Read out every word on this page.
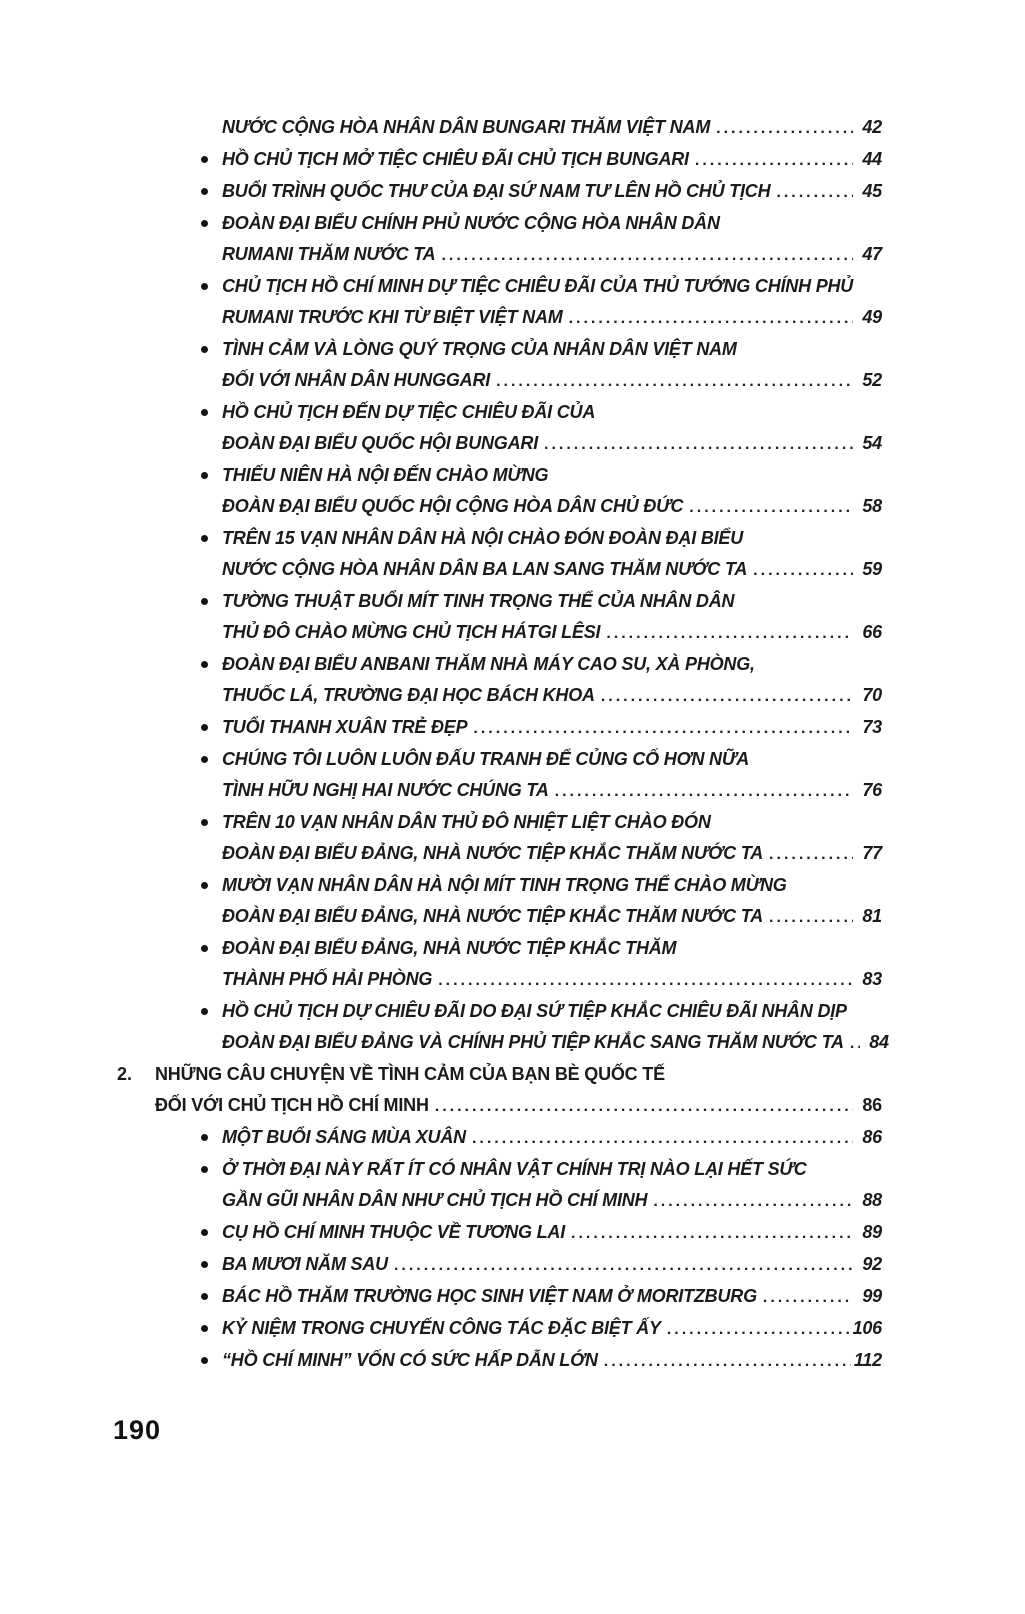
NƯỚC CỘNG HÒA NHÂN DÂN BUNGARI THĂM VIỆT NAM .....	42
HỒ CHỦ TỊCH MỞ TIỆC CHIÊU ĐÃI CHỦ TỊCH BUNGARI .....	44
BUỔI TRÌNH QUỐC THƯ CỦA ĐẠI SỨ NAM TƯ LÊN HỒ CHỦ TỊCH .....	45
ĐOÀN ĐẠI BIỂU CHÍNH PHỦ NƯỚC CỘNG HÒA NHÂN DÂN
RUMANI THĂM NƯỚC TA .....	47
CHỦ TỊCH HỒ CHÍ MINH DỰ TIỆC CHIÊU ĐÃI CỦA THỦ TƯỚNG CHÍNH PHỦ
RUMANI TRƯỚC KHI TỪ BIỆT VIỆT NAM .....	49
TÌNH CẢM VÀ LÒNG QUÝ TRỌNG CỦA NHÂN DÂN VIỆT NAM
ĐỐI VỚI NHÂN DÂN HUNGGARI .....	52
HỒ CHỦ TỊCH ĐẾN DỰ TIỆC CHIÊU ĐÃI CỦA
ĐOÀN ĐẠI BIỂU QUỐC HỘI BUNGARI .....	54
THIẾU NIÊN HÀ NỘI ĐẾN CHÀO MỪNG
ĐOÀN ĐẠI BIỂU QUỐC HỘI CỘNG HÒA DÂN CHỦ ĐỨC .....	58
TRÊN 15 VẠN NHÂN DÂN HÀ NỘI CHÀO ĐÓN ĐOÀN ĐẠI BIỂU
NƯỚC CỘNG HÒA NHÂN DÂN BA LAN SANG THĂM NƯỚC TA .....	59
TƯỜNG THUẬT BUỔI MÍT TINH TRỌNG THỂ CỦA NHÂN DÂN
THỦ ĐÔ CHÀO MỪNG CHỦ TỊCH HÁTGI LÊSI .....	66
ĐOÀN ĐẠI BIỂU ANBANI THĂM NHÀ MÁY CAO SU, XÀ PHÒNG,
THUỐC LÁ, TRƯỜNG ĐẠI HỌC BÁCH KHOA .....	70
TUỔI THANH XUÂN TRẺ ĐẸP .....	73
CHÚNG TÔI LUÔN LUÔN ĐẤU TRANH ĐỂ CỦNG CỐ HƠN NỮA
TÌNH HỮU NGHỊ HAI NƯỚC CHÚNG TA .....	76
TRÊN 10 VẠN NHÂN DÂN THỦ ĐÔ NHIỆT LIỆT CHÀO ĐÓN
ĐOÀN ĐẠI BIỂU ĐẢNG, NHÀ NƯỚC TIỆP KHẮC THĂM NƯỚC TA .....	77
MƯỜI VẠN NHÂN DÂN HÀ NỘI MÍT TINH TRỌNG THỂ CHÀO MỪNG
ĐOÀN ĐẠI BIỂU ĐẢNG, NHÀ NƯỚC TIỆP KHẮC THĂM NƯỚC TA .....	81
ĐOÀN ĐẠI BIỂU ĐẢNG, NHÀ NƯỚC TIỆP KHẮC THĂM
THÀNH PHỐ HẢI PHÒNG .....	83
HỒ CHỦ TỊCH DỰ CHIÊU ĐÃI DO ĐẠI SỨ TIỆP KHẮC CHIÊU ĐÃI NHÂN DỊP
ĐOÀN ĐẠI BIỂU ĐẢNG VÀ CHÍNH PHỦ TIỆP KHẮC SANG THĂM NƯỚC TA .....	84
2. NHỮNG CÂU CHUYỆN VỀ TÌNH CẢM CỦA BẠN BÈ QUỐC TẾ
ĐỐI VỚI CHỦ TỊCH HỒ CHÍ MINH .....	86
MỘT BUỔI SÁNG MÙA XUÂN .....	86
Ở THỜI ĐẠI NÀY RẤT ÍT CÓ NHÂN VẬT CHÍNH TRỊ NÀO LẠI HẾT SỨC
GẦN GŨI NHÂN DÂN NHƯ CHỦ TỊCH HỒ CHÍ MINH .....	88
CỤ HỒ CHÍ MINH THUỘC VỀ TƯƠNG LAI .....	89
BA MƯƠI NĂM SAU .....	92
BÁC HỒ THĂM TRƯỜNG HỌC SINH VIỆT NAM Ở MORITZBURG .....	99
KỶ NIỆM TRONG CHUYẾN CÔNG TÁC ĐẶC BIỆT ẤY .....	106
“HỒ CHÍ MINH” VỐN CÓ SỨC HẤP DẪN LỚN .....	112
190
